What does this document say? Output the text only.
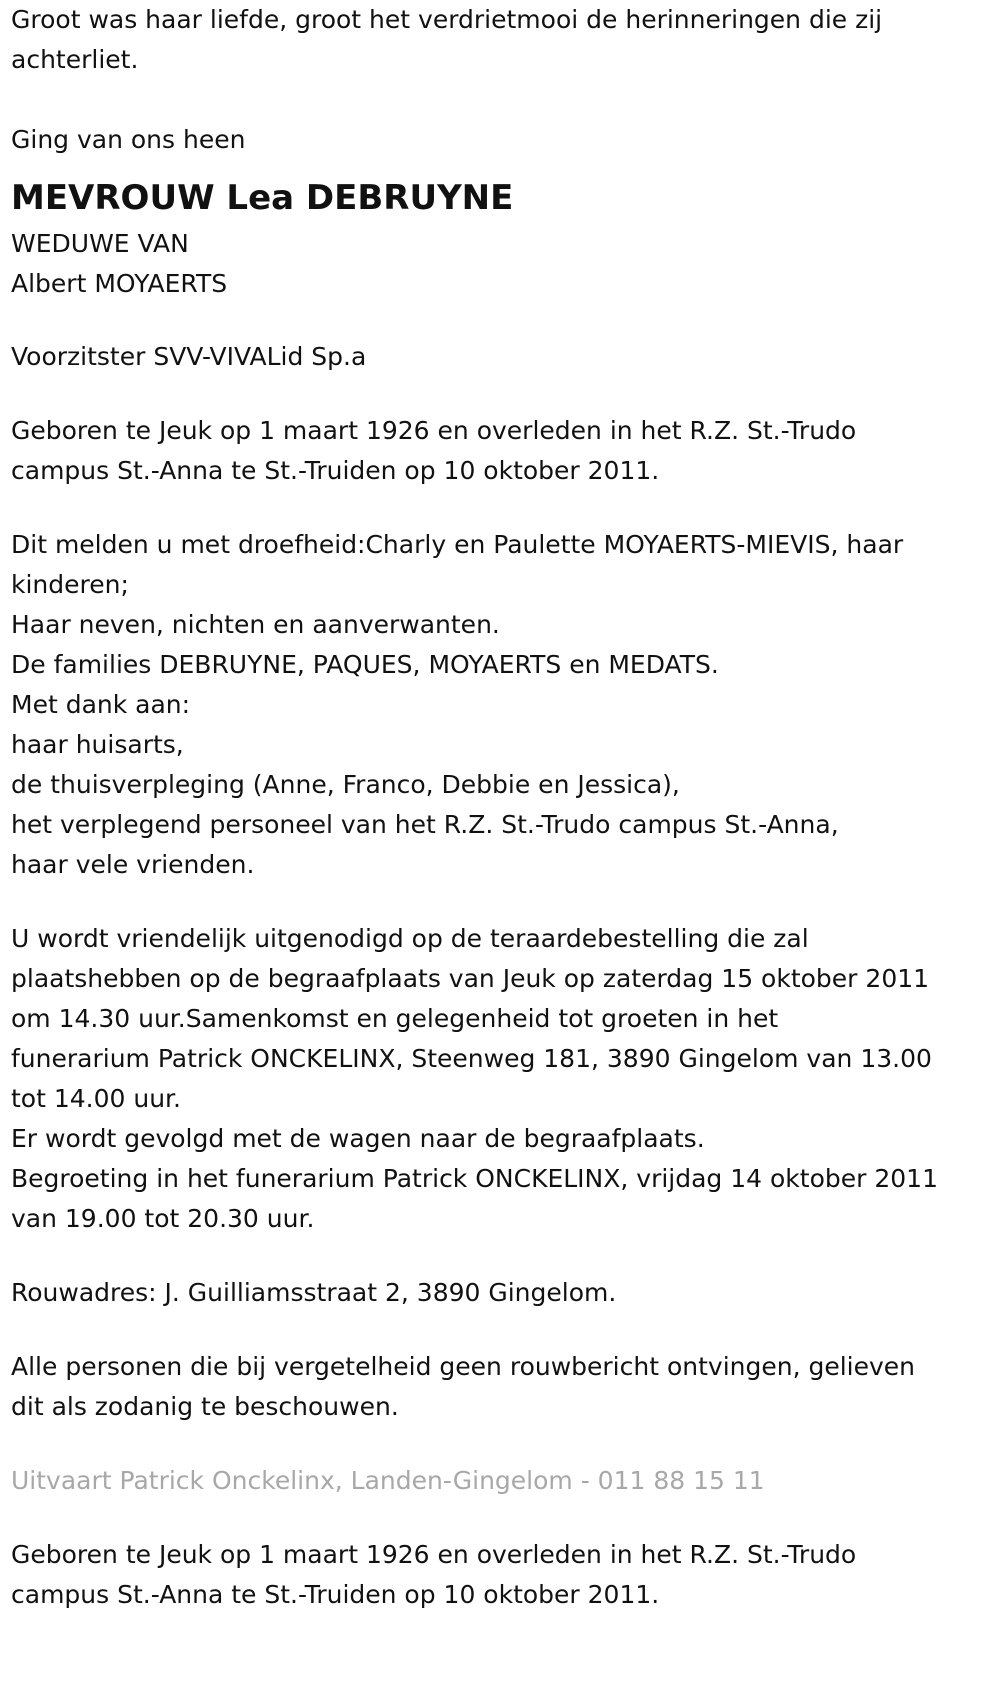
Groot was haar liefde, groot het verdrietmooi de herinneringen die zij
achterliet.
Ging van ons heen
MEVROUW Lea DEBRUYNE
WEDUWE VAN
Albert MOYAERTS
Voorzitster SVV-VIVALid Sp.a
Geboren te Jeuk op 1 maart 1926 en overleden in het R.Z. St.-Trudo
campus St.-Anna te St.-Truiden op 10 oktober 2011.
Dit melden u met droefheid:Charly en Paulette MOYAERTS-MIEVIS, haar
kinderen;
Haar neven, nichten en aanverwanten.
De families DEBRUYNE, PAQUES, MOYAERTS en MEDATS.
Met dank aan:
haar huisarts,
de thuisverpleging (Anne, Franco, Debbie en Jessica),
het verplegend personeel van het R.Z. St.-Trudo campus St.-Anna,
haar vele vrienden.
U wordt vriendelijk uitgenodigd op de teraardebestelling die zal
plaatshebben op de begraafplaats van Jeuk op zaterdag 15 oktober 2011
om 14.30 uur.Samenkomst en gelegenheid tot groeten in het
funerarium Patrick ONCKELINX, Steenweg 181, 3890 Gingelom van 13.00
tot 14.00 uur.
Er wordt gevolgd met de wagen naar de begraafplaats.
Begroeting in het funerarium Patrick ONCKELINX, vrijdag 14 oktober 2011
van 19.00 tot 20.30 uur.
Rouwadres: J. Guilliamsstraat 2, 3890 Gingelom.
Alle personen die bij vergetelheid geen rouwbericht ontvingen, gelieven
dit als zodanig te beschouwen.
Uitvaart Patrick Onckelinx, Landen-Gingelom - 011 88 15 11
Geboren te Jeuk op 1 maart 1926 en overleden in het R.Z. St.-Trudo
campus St.-Anna te St.-Truiden op 10 oktober 2011.
